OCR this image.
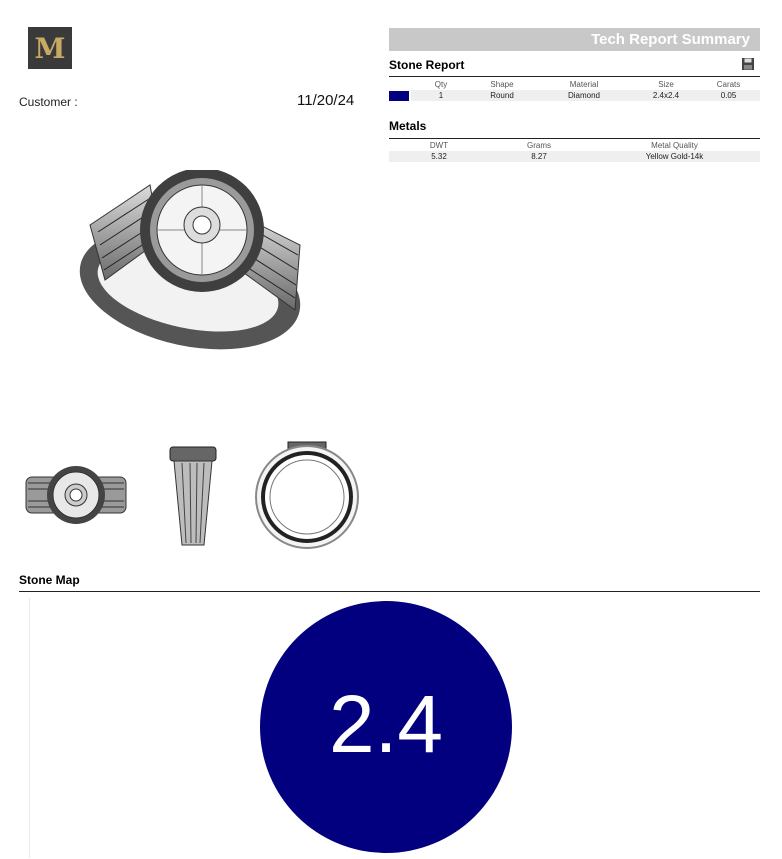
M
Customer :	11/20/24
Tech Report Summary
Stone Report
	Qty	Shape	Material	Size	Carats
	1	Round	Diamond	2.4x2.4	0.05
Metals
DWT	Grams	Metal Quality
5.32	8.27	Yellow Gold-14k
Stone Map
2.4
